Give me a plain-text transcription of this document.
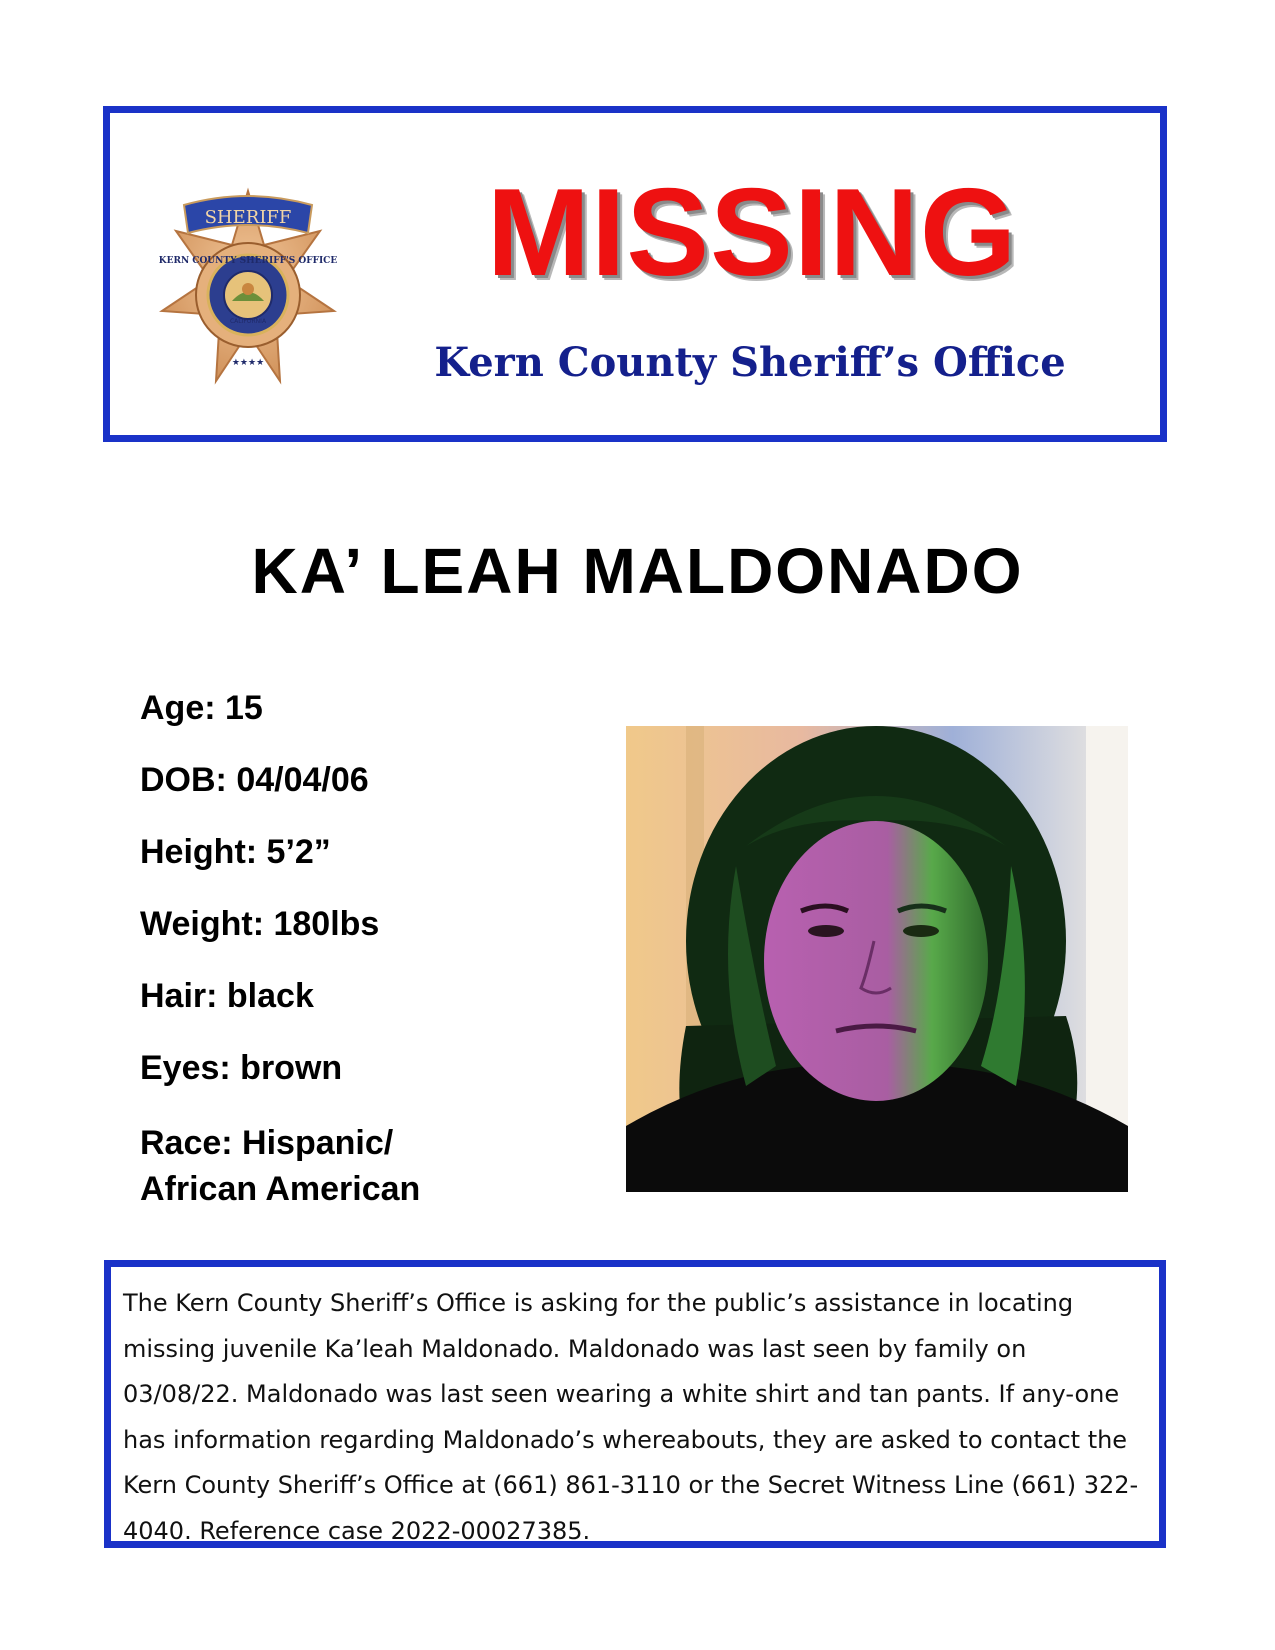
SHERIFF
KERN COUNTY SHERIFF'S OFFICE
CALIFORNIA
★★★★
MISSING
Kern County Sheriff’s Office
KA’ LEAH MALDONADO
Age: 15
DOB: 04/04/06
Height: 5’2”
Weight: 180lbs
Hair: black
Eyes: brown
Race: Hispanic/
African American

The Kern County Sheriff’s Office is asking for the public’s assistance in locating missing juvenile Ka’leah Maldonado. Maldonado was last seen by family on 03/08/22. Maldonado was last seen wearing a white shirt and tan pants. If any-one has information regarding Maldonado’s whereabouts, they are asked to contact the Kern County Sheriff’s Office at (661) 861-3110 or the Secret Witness Line (661) 322-4040. Reference case 2022-00027385.
